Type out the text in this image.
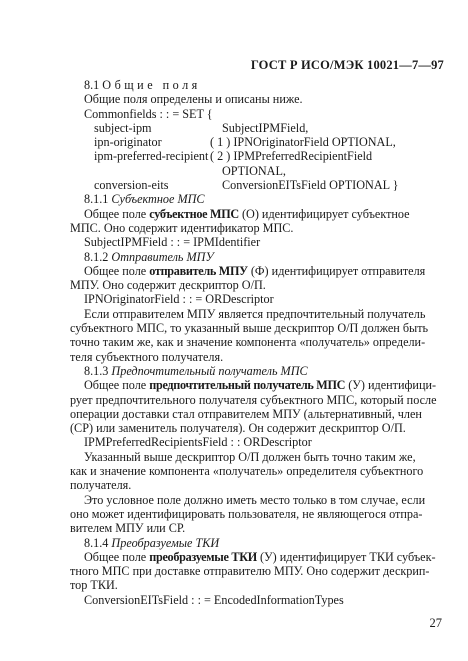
ГОСТ Р ИСО/МЭК 10021—7—97
8.1 Общие поля
Общие поля определены и описаны ниже.
Commonfields : : = SET {
subject-ipm	SubjectIPMField,
ipn-originator	( 1 ) IPNOriginatorField OPTIONAL,
ipm-preferred-recipient ( 2 ) IPMPreferredRecipientField
OPTIONAL,
conversion-eits	ConversionEITsField OPTIONAL }
8.1.1 Субъектное МПС
Общее поле субъектное МПС (О) идентифицирует субъектное
МПС. Оно содержит идентификатор МПС.
SubjectIPMField : : = IPMIdentifier
8.1.2 Отправитель МПУ
Общее поле отправитель МПУ (Ф) идентифицирует отправителя
МПУ. Оно содержит дескриптор О/П.
IPNOriginatorField : : = ORDescriptor
Если отправителем МПУ является предпочтительный получатель
субъектного МПС, то указанный выше дескриптор О/П должен быть
точно таким же, как и значение компонента «получатель» определи-
теля субъектного получателя.
8.1.3 Предпочтительный получатель МПС
Общее поле предпочтительный получатель МПС (У) идентифици-
рует предпочтительного получателя субъектного МПС, который после
операции доставки стал отправителем МПУ (альтернативный, член
(СР) или заменитель получателя). Он содержит дескриптор О/П.
IPMPreferredRecipientsField : : ORDescriptor
Указанный выше дескриптор О/П должен быть точно таким же,
как и значение компонента «получатель» определителя субъектного
получателя.
Это условное поле должно иметь место только в том случае, если
оно может идентифицировать пользователя, не являющегося отпра-
вителем МПУ или СР.
8.1.4 Преобразуемые ТКИ
Общее поле преобразуемые ТКИ (У) идентифицирует ТКИ субъек-
тного МПС при доставке отправителю МПУ. Оно содержит дескрип-
тор ТКИ.
ConversionEITsField : : = EncodedInformationTypes
27
